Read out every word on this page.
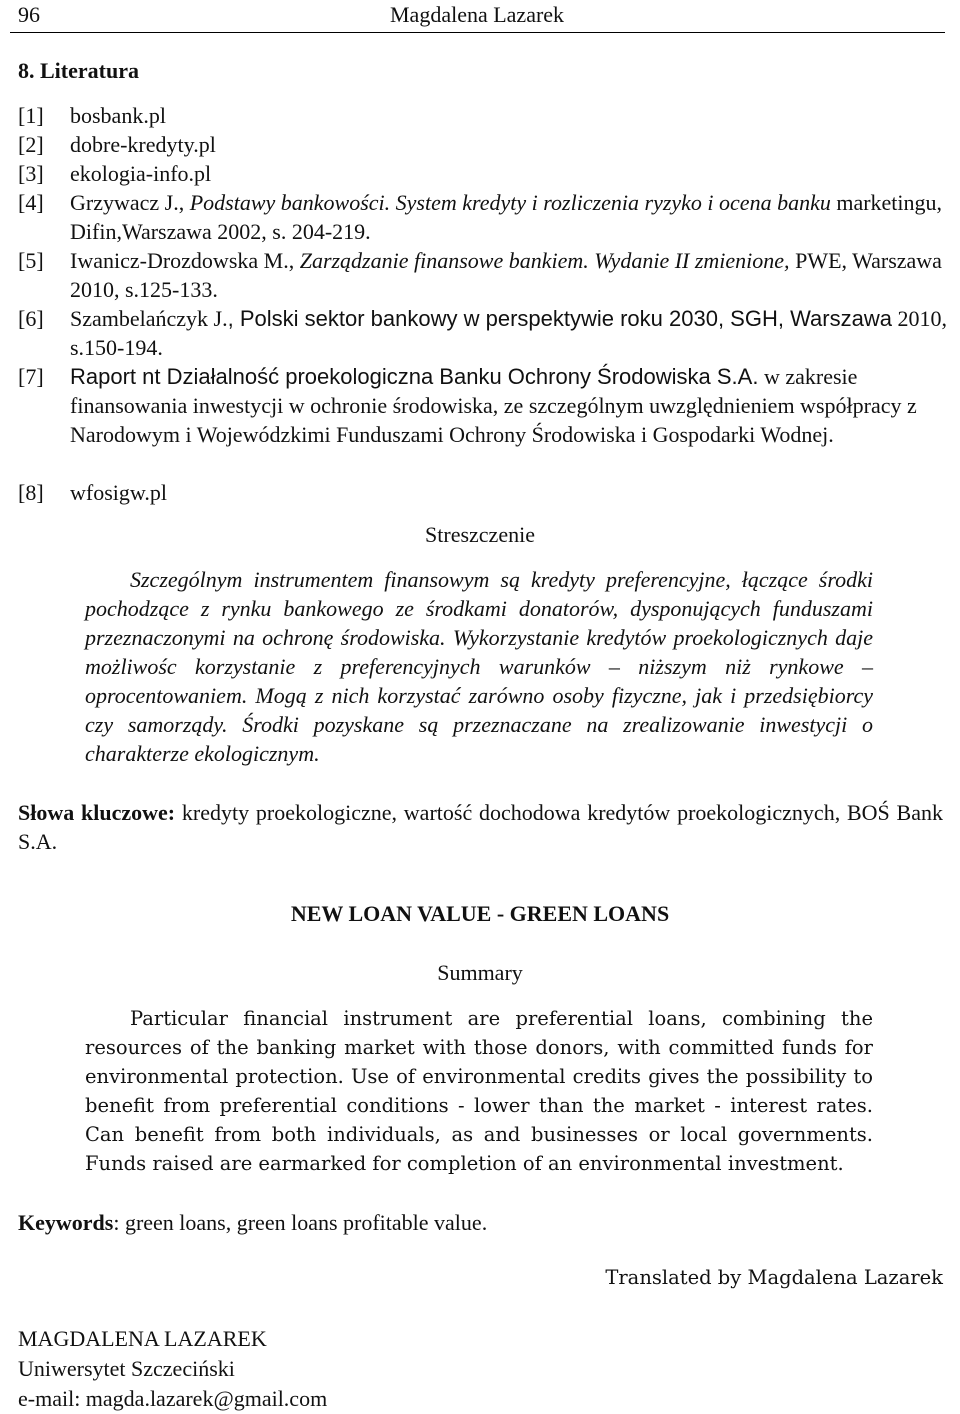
96	Magdalena Lazarek
8. Literatura
[1]	bosbank.pl
[2]	dobre-kredyty.pl
[3]	ekologia-info.pl
[4]	Grzywacz J., Podstawy bankowości. System kredyty i rozliczenia ryzyko i ocena banku marketingu, Difin,Warszawa 2002, s. 204-219.
[5]	Iwanicz-Drozdowska M., Zarządzanie finansowe bankiem. Wydanie II zmienione, PWE, Warszawa 2010, s.125-133.
[6]	Szambelańczyk J., Polski sektor bankowy w perspektywie roku 2030, SGH, Warszawa 2010, s.150-194.
[7]	Raport nt Działalność proekologiczna Banku Ochrony Środowiska S.A. w zakresie finansowania inwestycji w ochronie środowiska, ze szczególnym uwzględnieniem współpracy z Narodowym i Wojewódzkimi Funduszami Ochrony Środowiska i Gospodarki Wodnej.
[8]	wfosigw.pl
Streszczenie
Szczególnym instrumentem finansowym są kredyty preferencyjne, łączące środki pochodzące z rynku bankowego ze środkami donatorów, dysponujących funduszami przeznaczonymi na ochronę środowiska. Wykorzystanie kredytów proekologicznych daje możliwośc korzystanie z preferencyjnych warunków – niższym niż rynkowe – oprocentowaniem. Mogą z nich korzystać zarówno osoby fizyczne, jak i przedsiębiorcy czy samorządy. Środki pozyskane są przeznaczane na zrealizowanie inwestycji o charakterze ekologicznym.
Słowa kluczowe: kredyty proekologiczne, wartość dochodowa kredytów proekologicznych, BOŚ Bank S.A.
NEW LOAN VALUE - GREEN LOANS
Summary
Particular financial instrument are preferential loans, combining the resources of the banking market with those donors, with committed funds for environmental protection. Use of environmental credits gives the possibility to benefit from preferential conditions - lower than the market - interest rates. Can benefit from both individuals, as and businesses or local governments. Funds raised are earmarked for completion of an environmental investment.
Keywords: green loans, green loans profitable value.
Translated by Magdalena Lazarek
MAGDALENA LAZAREK
Uniwersytet Szczeciński
e-mail: magda.lazarek@gmail.com
